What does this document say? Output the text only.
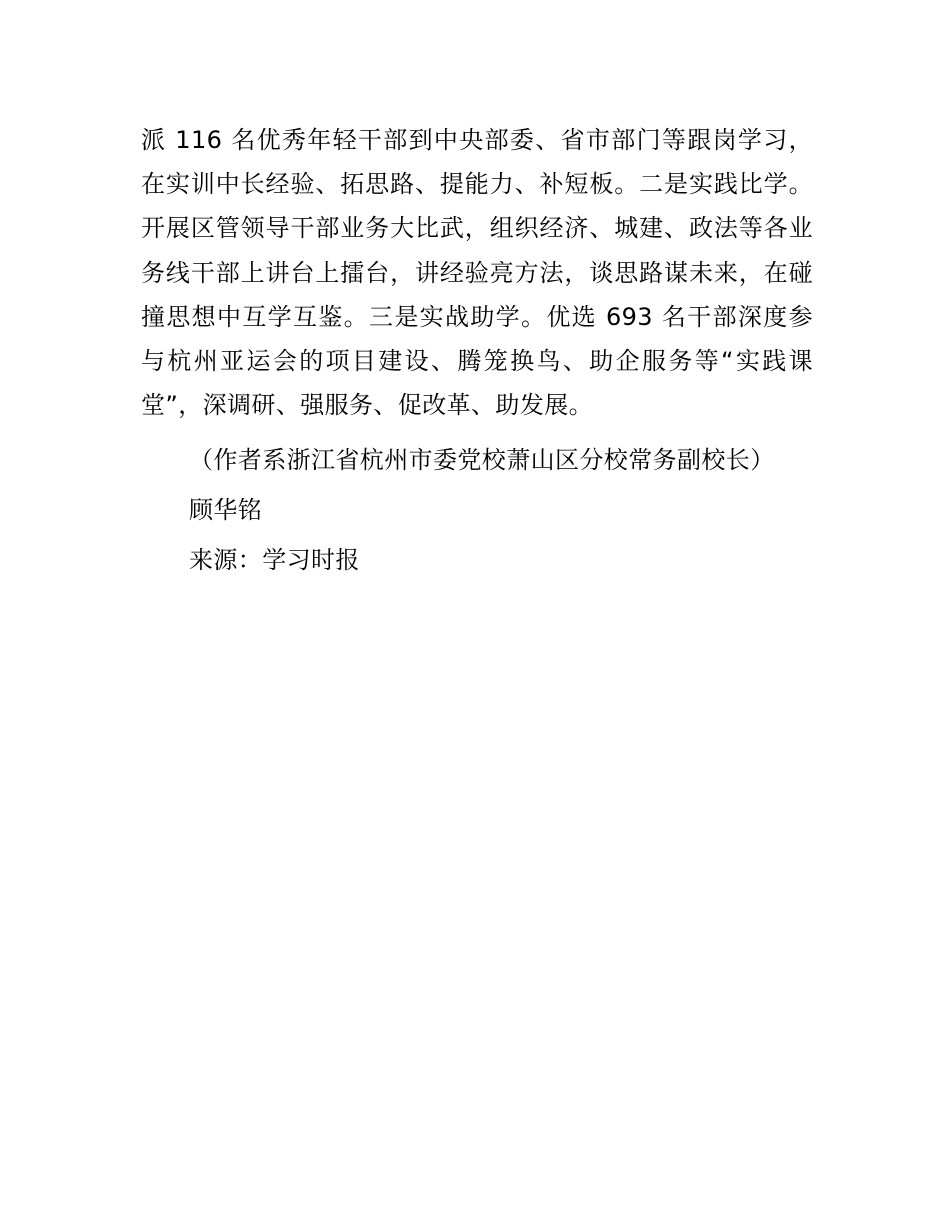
派 116 名优秀年轻干部到中央部委、省市部门等跟岗学习，
在实训中长经验、拓思路、提能力、补短板。二是实践比学。
开展区管领导干部业务大比武，组织经济、城建、政法等各业
务线干部上讲台上擂台，讲经验亮方法，谈思路谋未来，在碰
撞思想中互学互鉴。三是实战助学。优选 693 名干部深度参
与杭州亚运会的项目建设、腾笼换鸟、助企服务等“实践课
堂”，深调研、强服务、促改革、助发展。
（作者系浙江省杭州市委党校萧山区分校常务副校长）
顾华铭
来源：学习时报
